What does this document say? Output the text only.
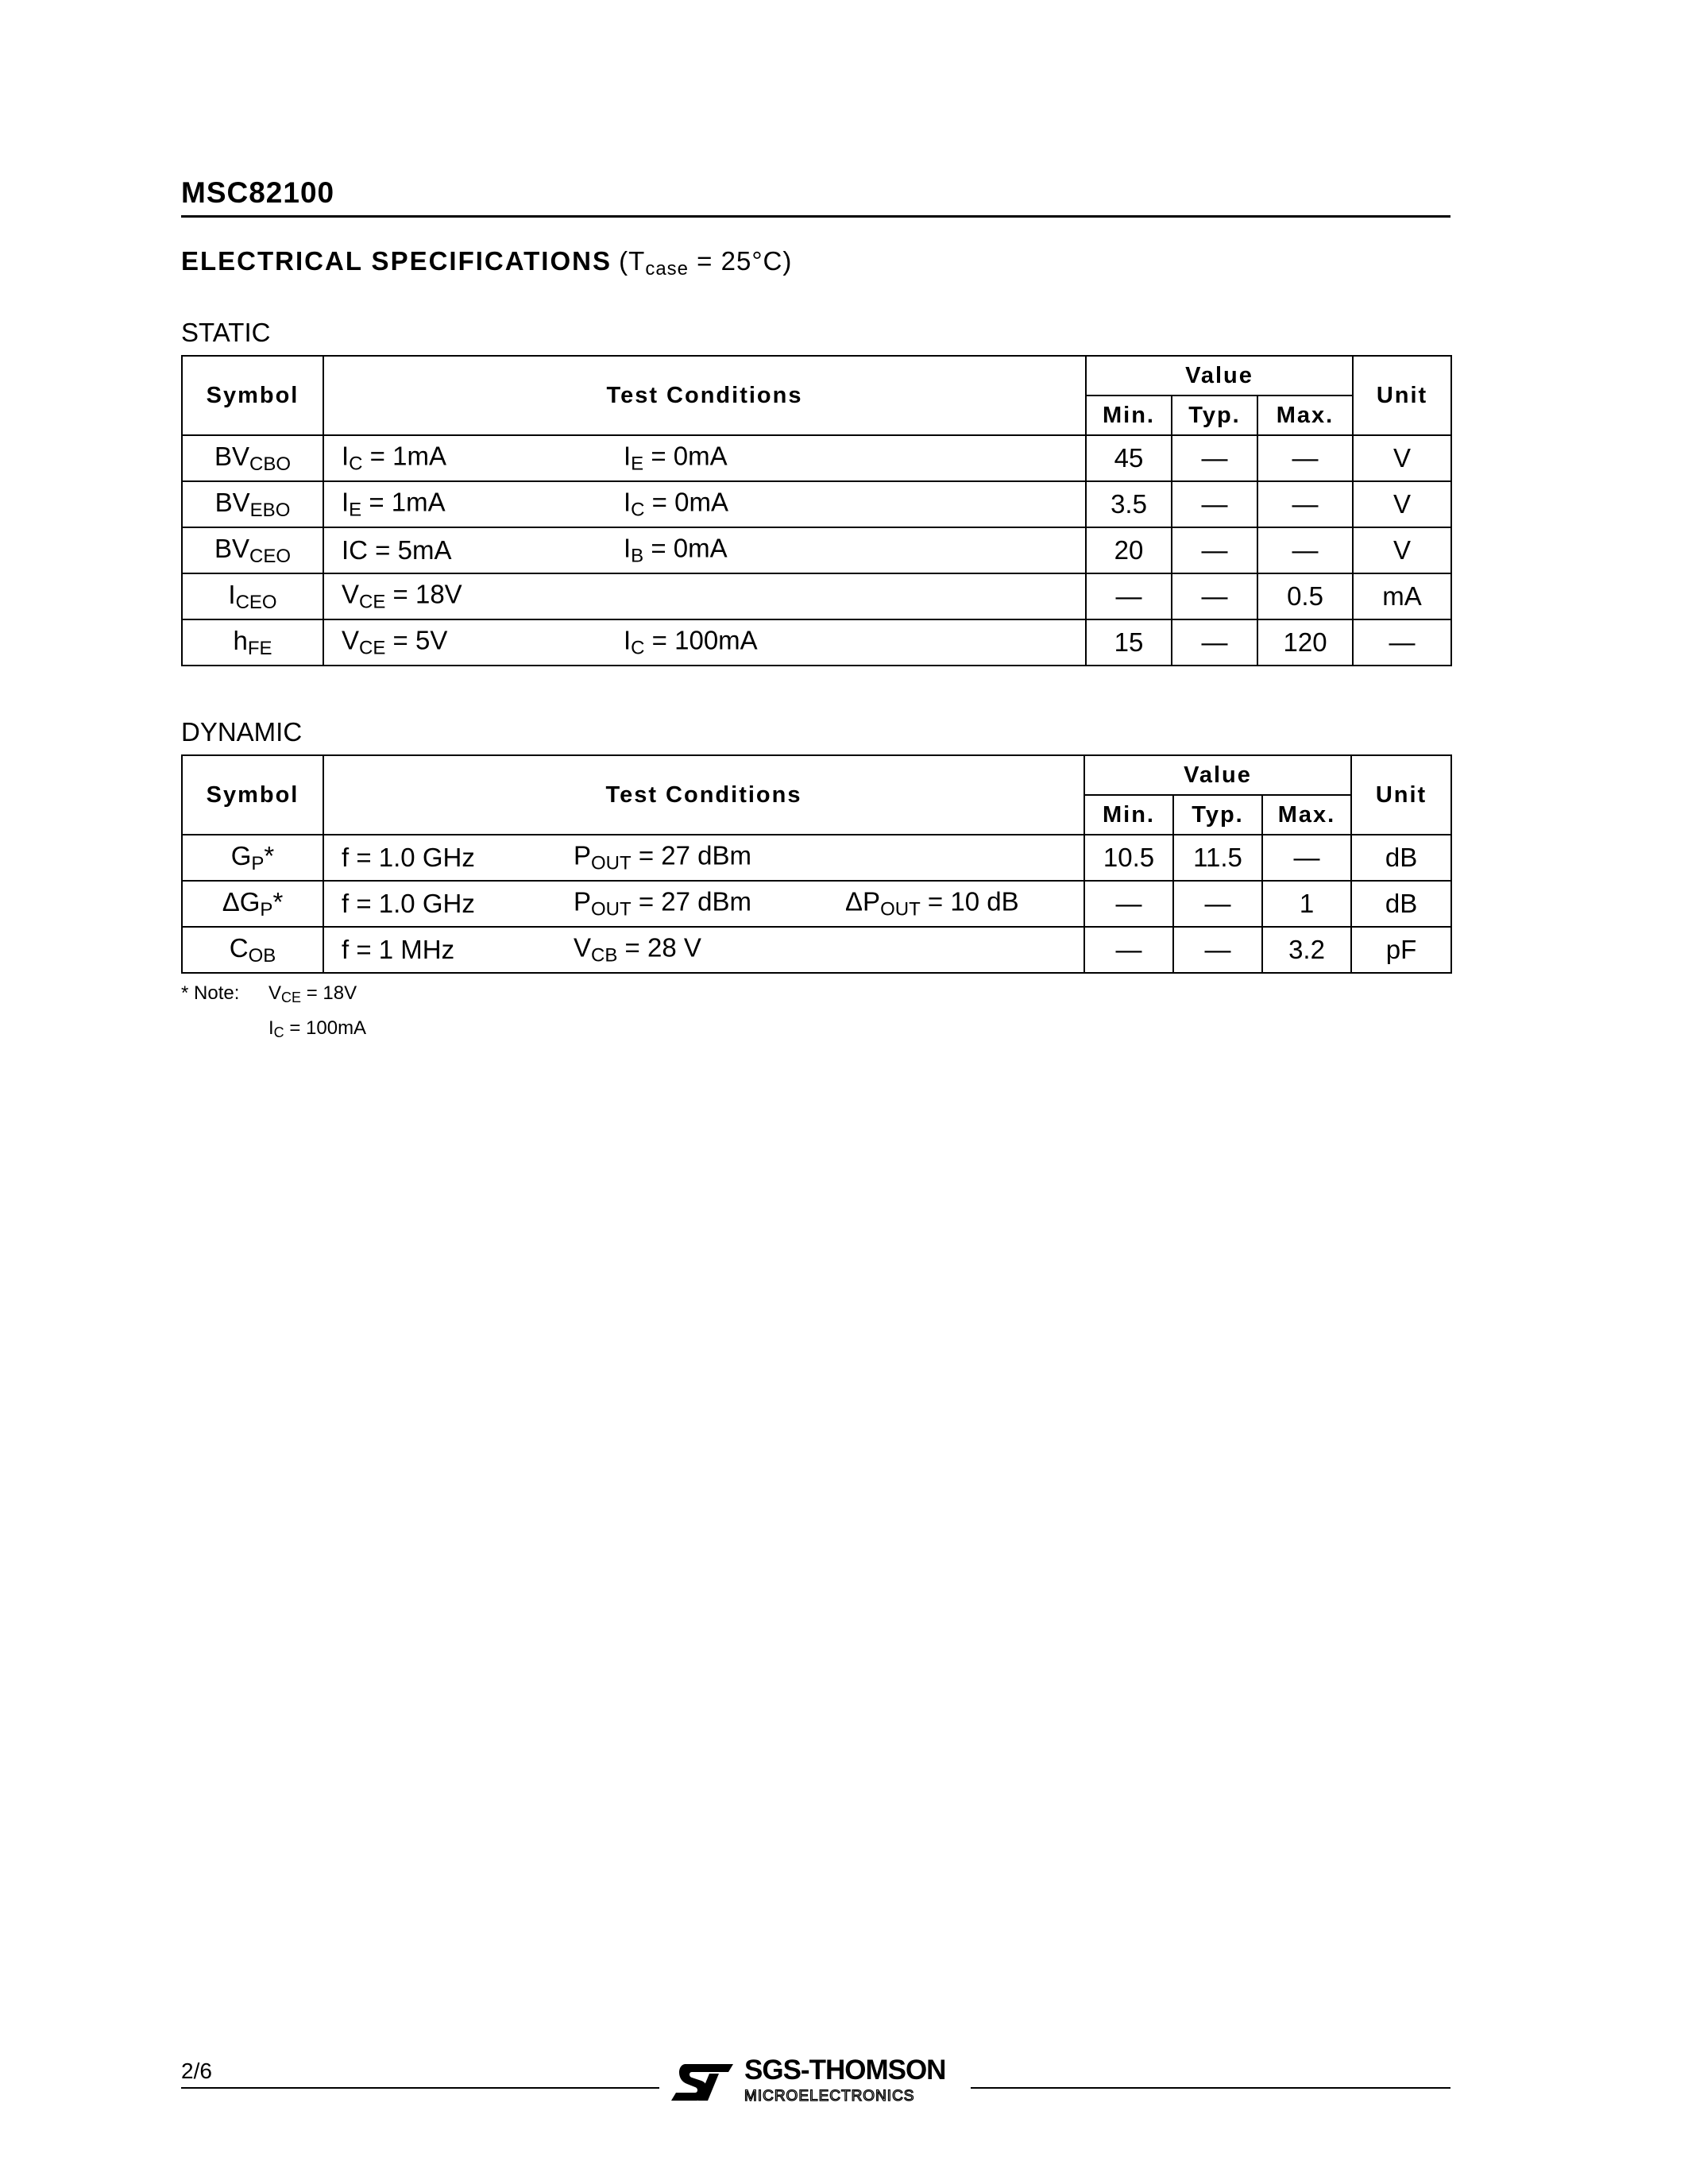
MSC82100
ELECTRICAL SPECIFICATIONS $(T_{case} = 25^\circ C)$
STATIC
Symbol	Test Conditions	Value			Unit
		Min.	Typ.	Max.	
$BV_{CBO}$	$I_C = 1mA$ $I_E = 0mA$	45	—	—	V
$BV_{EBO}$	$I_E = 1mA$ $I_C = 0mA$	3.5	—	—	V
$BV_{CEO}$	IC = 5mA $I_B = 0mA$	20	—	—	V
$I_{CEO}$	$V_{CE} = 18V$	—	—	0.5	mA
$h_{FE}$	$V_{CE} = 5V$ $I_C = 100mA$	15	—	120	—
DYNAMIC
Symbol	Test Conditions	Value			Unit
		Min.	Typ.	Max.	
$G_P*$	f = 1.0 GHz $P_{OUT} = 27$ dBm	10.5	11.5	—	dB
$\Delta G_P*$	f = 1.0 GHz $P_{OUT} = 27$ dBm $\Delta P_{OUT} = 10$ dB	—	—	1	dB
$C_{OB}$	f = 1 MHz $V_{CB} = 28$ V	—	—	3.2	pF
* Note: $V_{CE} = 18V$
$I_C = 100mA$
2/6	SGS-THOMSON
MICROELECTRONICS
